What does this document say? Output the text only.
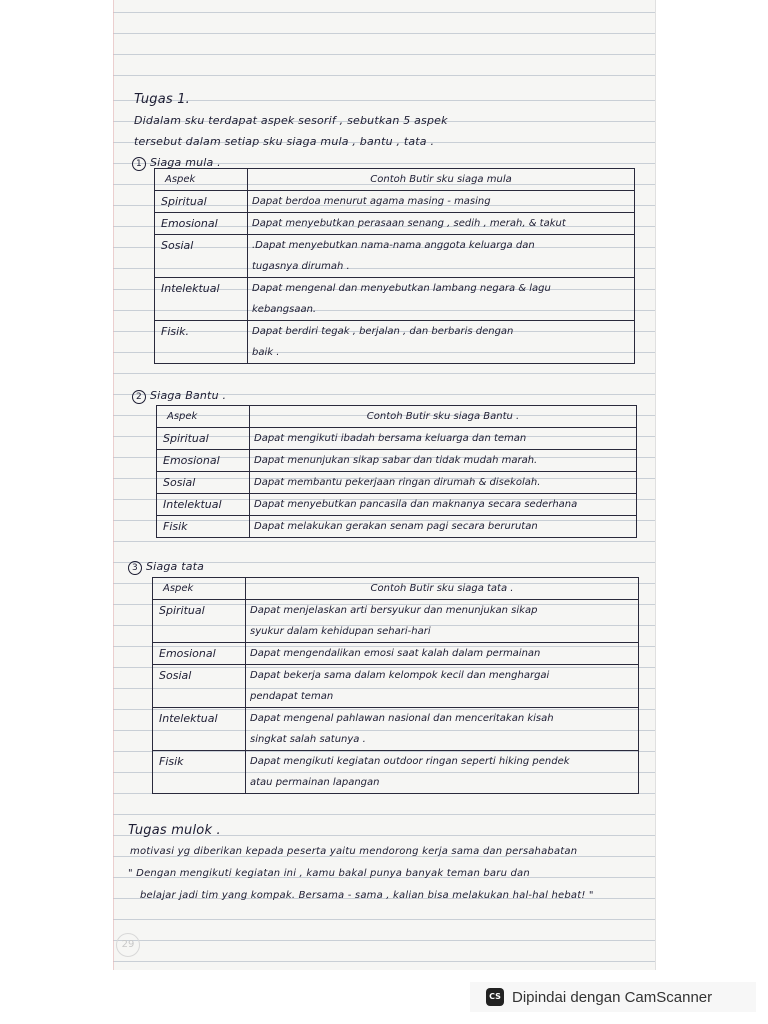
Tugas 1.
Didalam sku terdapat aspek sesorif , sebutkan 5 aspek
tersebut dalam setiap sku siaga mula , bantu , tata .
1 Siaga mula .
Aspek	Contoh Butir sku siaga mula
Spiritual	Dapat berdoa menurut agama masing - masing

Emosional	Dapat menyebutkan perasaan senang , sedih , merah, & takut

Sosial	.Dapat menyebutkan nama-nama anggota keluarga dan
tugasnya dirumah .

Intelektual	Dapat mengenal dan menyebutkan lambang negara & lagu
kebangsaan.

Fisik.	Dapat berdiri tegak , berjalan , dan berbaris dengan
baik .
2 Siaga Bantu .
Aspek	Contoh Butir sku siaga Bantu .
Spiritual	Dapat mengikuti ibadah bersama keluarga dan teman

Emosional	Dapat menunjukan sikap sabar dan tidak mudah marah.

Sosial	Dapat membantu pekerjaan ringan dirumah & disekolah.

Intelektual	Dapat menyebutkan pancasila dan maknanya secara sederhana

Fisik	Dapat melakukan gerakan senam pagi secara berurutan
3 Siaga tata
Aspek	Contoh Butir sku siaga tata .
Spiritual	Dapat menjelaskan arti bersyukur dan menunjukan sikap
syukur dalam kehidupan sehari-hari

Emosional	Dapat mengendalikan emosi saat kalah dalam permainan

Sosial	Dapat bekerja sama dalam kelompok kecil dan menghargai
pendapat teman

Intelektual	Dapat mengenal pahlawan nasional dan menceritakan kisah
singkat salah satunya .

Fisik	Dapat mengikuti kegiatan outdoor ringan seperti hiking pendek
atau permainan lapangan
Tugas mulok .
motivasi yg diberikan kepada peserta yaitu mendorong kerja sama dan persahabatan
" Dengan mengikuti kegiatan ini , kamu bakal punya banyak teman baru dan
belajar jadi tim yang kompak. Bersama - sama , kalian bisa melakukan hal-hal hebat! "
29
CS Dipindai dengan CamScanner
